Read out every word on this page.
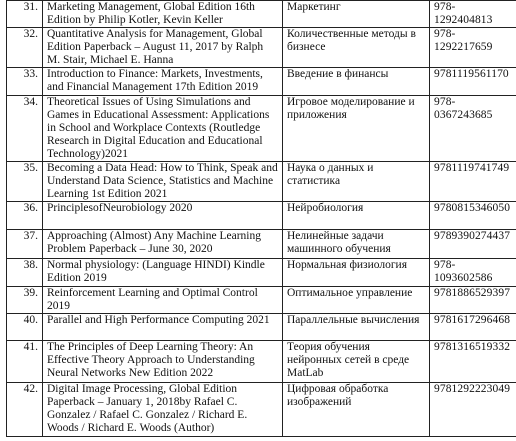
31.	Marketing Management, Global Edition 16th Edition by Philip Kotler, Kevin Keller	Маркетинг	978-1292404813
32.	Quantitative Analysis for Management, Global Edition Paperback – August 11, 2017 by Ralph M. Stair, Michael E. Hanna	Количественные методы в бизнесе	978-1292217659
33.	Introduction to Finance: Markets, Investments, and Financial Management 17th Edition 2019	Введение в финансы	9781119561170
34.	Theoretical Issues of Using Simulations and Games in Educational Assessment: Applications in School and Workplace Contexts (Routledge Research in Digital Education and Educational Technology)2021	Игровое моделирование и приложения	978-0367243685
35.	Becoming a Data Head: How to Think, Speak and Understand Data Science, Statistics and Machine Learning 1st Edition 2021	Наука о данных и статистика	9781119741749
36.	PrinciplesofNeurobiology 2020	Нейробиология	9780815346050
37.	Approaching (Almost) Any Machine Learning Problem Paperback – June 30, 2020	Нелинейные задачи машинного обучения	9789390274437
38.	Normal physiology: (Language HINDI) Kindle Edition 2019	Нормальная физиология	978-1093602586
39.	Reinforcement Learning and Optimal Control 2019	Оптимальное управление	9781886529397
40.	Parallel and High Performance Computing 2021	Параллельные вычисления	9781617296468
41.	The Principles of Deep Learning Theory: An Effective Theory Approach to Understanding Neural Networks New Edition 2022	Теория обучения нейронных сетей в среде MatLab	9781316519332
42.	Digital Image Processing, Global Edition Paperback – January 1, 2018by Rafael C. Gonzalez / Rafael C. Gonzalez / Richard E. Woods / Richard E. Woods (Author)	Цифровая обработка изображений	9781292223049
